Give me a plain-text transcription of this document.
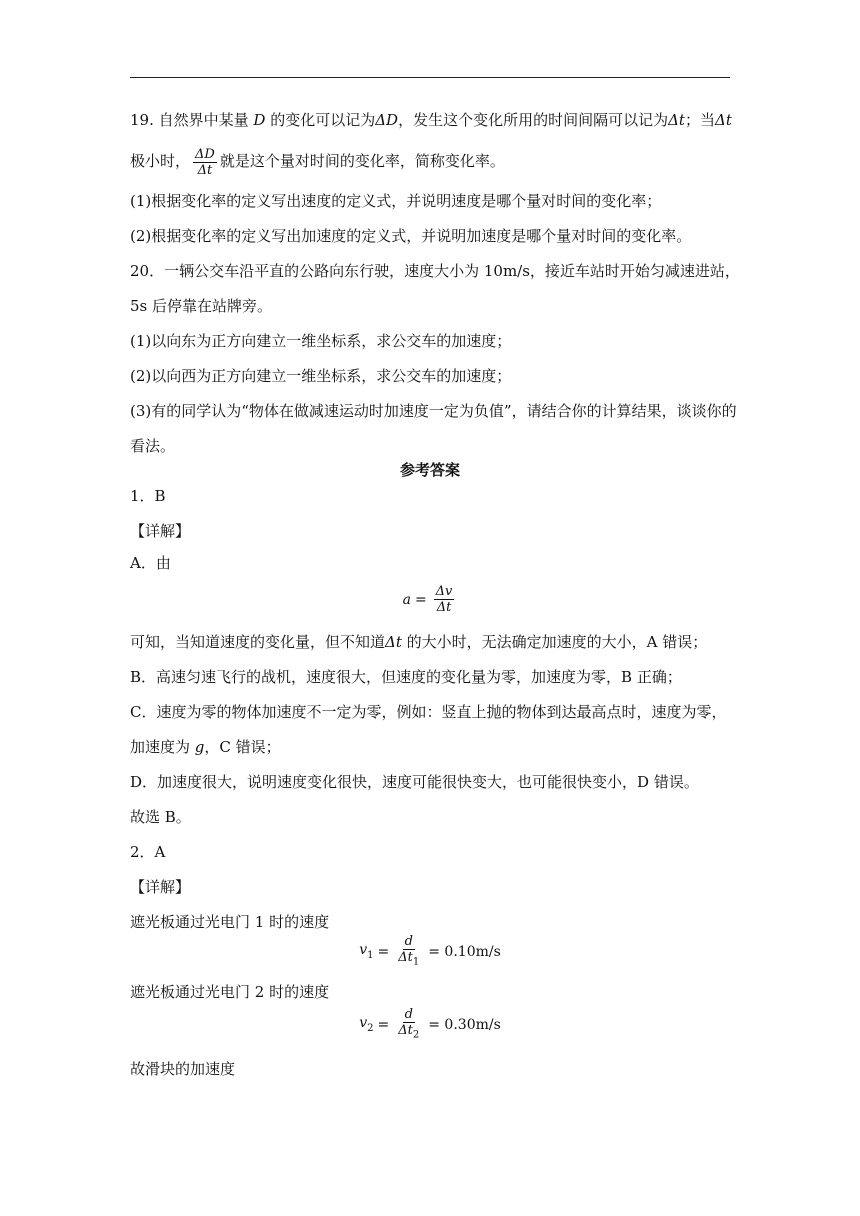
19. 自然界中某量 D 的变化可以记为ΔD，发生这个变化所用的时间间隔可以记为Δt；当Δt
极小时， $\frac{\Delta D}{\Delta t}$ 就是这个量对时间的变化率，简称变化率。
(1)根据变化率的定义写出速度的定义式，并说明速度是哪个量对时间的变化率；
(2)根据变化率的定义写出加速度的定义式，并说明加速度是哪个量对时间的变化率。
20．一辆公交车沿平直的公路向东行驶，速度大小为 10m/s，接近车站时开始匀减速进站，
5s 后停靠在站牌旁。
(1)以向东为正方向建立一维坐标系，求公交车的加速度；
(2)以向西为正方向建立一维坐标系，求公交车的加速度；
(3)有的同学认为“物体在做减速运动时加速度一定为负值”，请结合你的计算结果，谈谈你的
看法。
参考答案
1．B
【详解】
A．由
$a = \frac{\Delta v}{\Delta t}$
可知，当知道速度的变化量，但不知道Δt 的大小时，无法确定加速度的大小，A 错误；
B．高速匀速飞行的战机，速度很大，但速度的变化量为零，加速度为零，B 正确；
C．速度为零的物体加速度不一定为零，例如：竖直上抛的物体到达最高点时，速度为零，
加速度为 g，C 错误；
D．加速度很大，说明速度变化很快，速度可能很快变大，也可能很快变小，D 错误。
故选 B。
2．A
【详解】
遮光板通过光电门 1 时的速度
$v_1 = \frac{d}{\Delta t_1} = 0.10m/s$
遮光板通过光电门 2 时的速度
$v_2 = \frac{d}{\Delta t_2} = 0.30m/s$
故滑块的加速度
